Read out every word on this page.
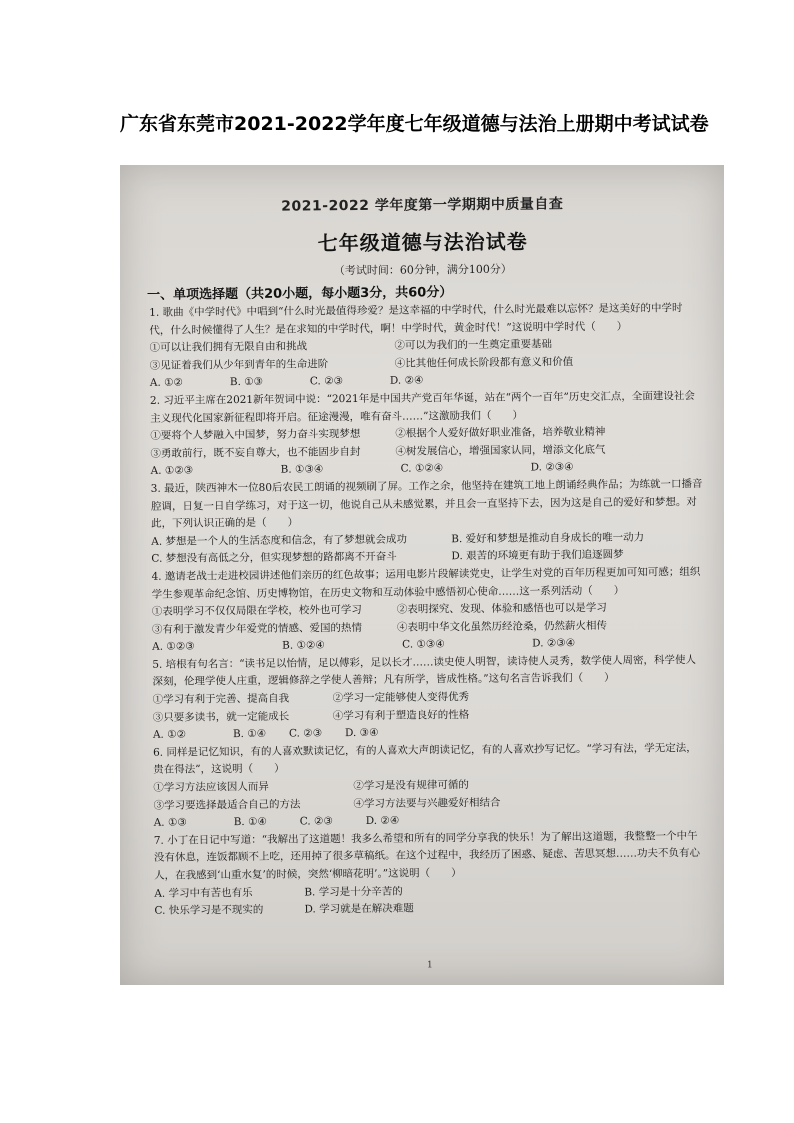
广东省东莞市2021-2022学年度七年级道德与法治上册期中考试试卷
2021-2022 学年度第一学期期中质量自查
七年级道德与法治试卷
（考试时间：60分钟，满分100分）
一、单项选择题（共20小题，每小题3分，共60分）

1. 歌曲《中学时代》中唱到“什么时光最值得珍爱？是这幸福的中学时代，什么时光最难以忘怀？是这美好的中学时代，什么时候懂得了人生？是在求知的中学时代，啊！中学时代，黄金时代！”这说明中学时代（　　）

①可以让我们拥有无限自由和挑战	②可以为我们的一生奠定重要基础
③见证着我们从少年到青年的生命进阶	④比其他任何成长阶段都有意义和价值
A. ①②	B. ①③	C. ②③	D. ②④

2. 习近平主席在2021新年贺词中说：“2021年是中国共产党百年华诞，站在“两个一百年”历史交汇点，全面建设社会主义现代化国家新征程即将开启。征途漫漫，唯有奋斗……”这激励我们（　　）

①要将个人梦融入中国梦，努力奋斗实现梦想	②根据个人爱好做好职业准备，培养敬业精神
③勇敢前行，既不妄自尊大，也不能固步自封	④树发展信心，增强国家认同，增添文化底气
A. ①②③	B. ①③④	C. ①②④	D. ②③④

3. 最近，陕西神木一位80后农民工朗诵的视频刷了屏。工作之余，他坚持在建筑工地上朗诵经典作品；为练就一口播音腔调，日复一日自学练习，对于这一切，他说自己从未感觉累，并且会一直坚持下去，因为这是自己的爱好和梦想。对此，下列认识正确的是（　　）

A. 梦想是一个人的生活态度和信念，有了梦想就会成功	B. 爱好和梦想是推动自身成长的唯一动力
C. 梦想没有高低之分，但实现梦想的路都离不开奋斗	D. 艰苦的环境更有助于我们追逐圆梦

4. 邀请老战士走进校园讲述他们亲历的红色故事；运用电影片段解读党史，让学生对党的百年历程更加可知可感；组织学生参观革命纪念馆、历史博物馆，在历史文物和互动体验中感悟初心使命……这一系列活动（　　）

①表明学习不仅仅局限在学校，校外也可学习	②表明探究、发现、体验和感悟也可以是学习
③有利于激发青少年爱党的情感、爱国的热情	④表明中华文化虽然历经沧桑，仍然薪火相传
A. ①②③	B. ①②④	C. ①③④	D. ②③④

5. 培根有句名言：“读书足以怡情，足以傅彩，足以长才……读史使人明智，读诗使人灵秀，数学使人周密，科学使人深刻，伦理学使人庄重，逻辑修辞之学使人善辩；凡有所学，皆成性格。”这句名言告诉我们（　　）

①学习有利于完善、提高自我	②学习一定能够使人变得优秀
③只要多读书，就一定能成长	④学习有利于塑造良好的性格
A. ①②	B. ①④	C. ②③	D. ③④

6. 同样是记忆知识，有的人喜欢默读记忆，有的人喜欢大声朗读记忆，有的人喜欢抄写记忆。“学习有法，学无定法，贵在得法”，这说明（　　）

①学习方法应该因人而异	②学习是没有规律可循的
③学习要选择最适合自己的方法	④学习方法要与兴趣爱好相结合
A. ①③	B. ①④	C. ②③	D. ②④

7. 小丁在日记中写道：“我解出了这道题！我多么希望和所有的同学分享我的快乐！为了解出这道题，我整整一个中午没有休息，连饭都顾不上吃，还用掉了很多草稿纸。在这个过程中，我经历了困惑、疑虑、苦思冥想……功夫不负有心人，在我感到‘山重水复’的时候，突然‘柳暗花明’。”这说明（　　）

A. 学习中有苦也有乐	B. 学习是十分辛苦的
C. 快乐学习是不现实的	D. 学习就是在解决难题
1
